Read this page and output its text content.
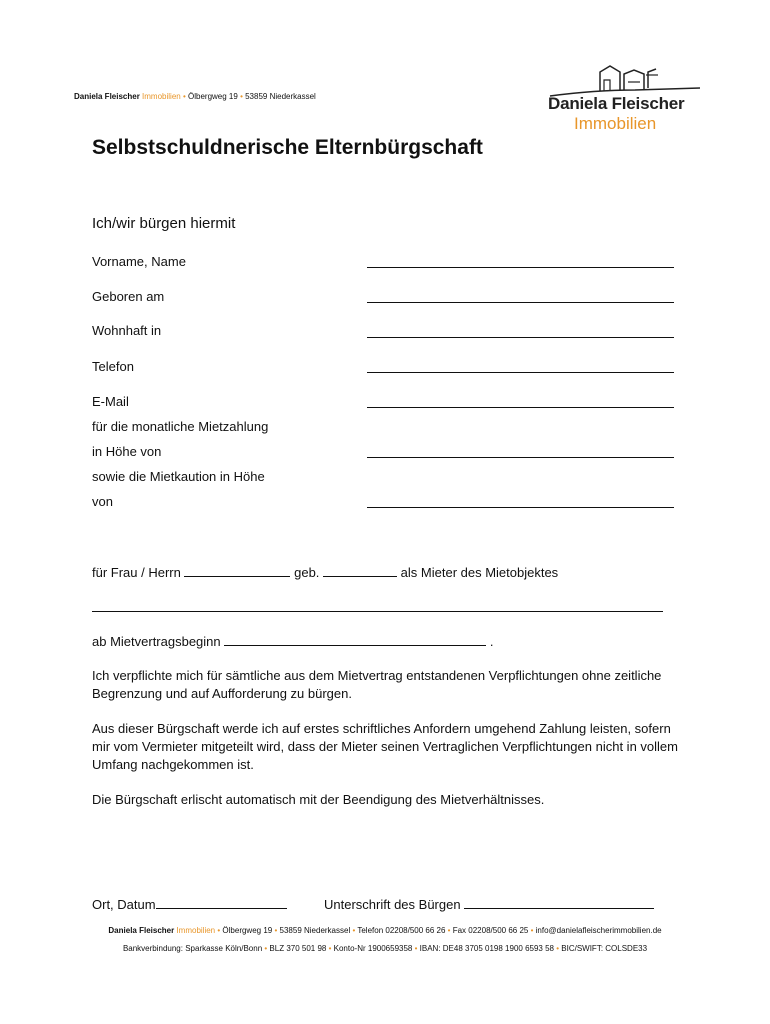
Daniela Fleischer Immobilien • Ölbergweg 19 • 53859 Niederkassel	Daniela Fleischer
Immobilien
Selbstschuldnerische Elternbürgschaft
Ich/wir bürgen hiermit
Vorname, Name
Geboren am
Wohnhaft in
Telefon
E-Mail
für die monatliche Mietzahlung
in Höhe von
sowie die Mietkaution in Höhe
von
für Frau / Herrn	geb.	als Mieter des Mietobjektes
ab Mietvertragsbeginn	.
Ich verpflichte mich für sämtliche aus dem Mietvertrag entstandenen Verpflichtungen ohne zeitliche Begrenzung und auf Aufforderung zu bürgen.
Aus dieser Bürgschaft werde ich auf erstes schriftliches Anfordern umgehend Zahlung leisten, sofern mir vom Vermieter mitgeteilt wird, dass der Mieter seinen Vertraglichen Verpflichtungen nicht in vollem Umfang nachgekommen ist.
Die Bürgschaft erlischt automatisch mit der Beendigung des Mietverhältnisses.
Ort, Datum	Unterschrift des Bürgen
Daniela Fleischer Immobilien • Ölbergweg 19 • 53859 Niederkassel • Telefon 02208/500 66 26 • Fax 02208/500 66 25 • info@danielafleischerimmobilien.de
Bankverbindung: Sparkasse Köln/Bonn • BLZ 370 501 98 • Konto-Nr 1900659358 • IBAN: DE48 3705 0198 1900 6593 58 • BIC/SWIFT: COLSDE33
